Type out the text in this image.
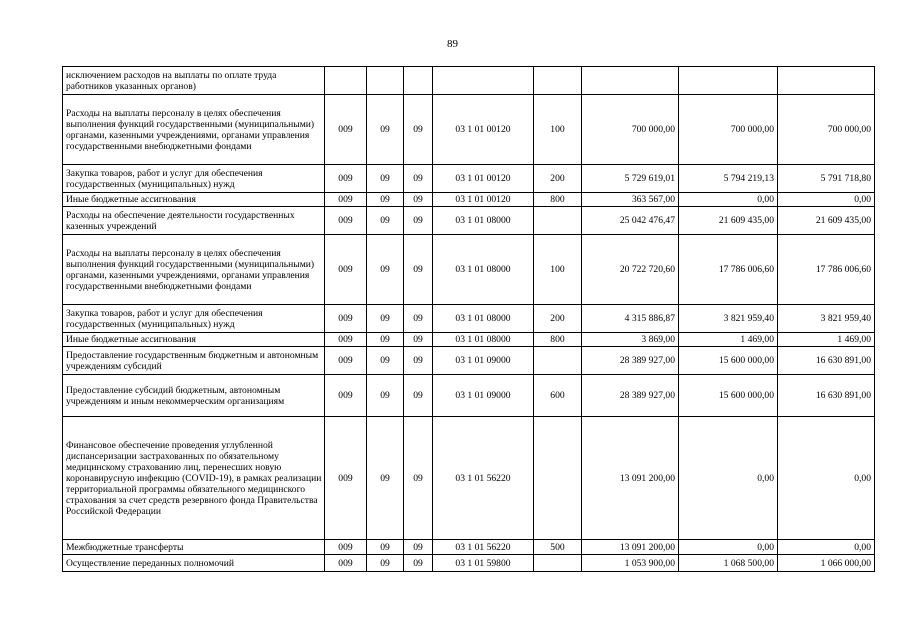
89
исключением расходов на выплаты по оплате труда работников указанных органов)								
Расходы на выплаты персоналу в целях обеспечения выполнения функций государственными (муниципальными) органами, казенными учреждениями, органами управления государственными внебюджетными фондами	009	09	09	03 1 01 00120	100	700 000,00	700 000,00	700 000,00
Закупка товаров, работ и услуг для обеспечения государственных (муниципальных) нужд	009	09	09	03 1 01 00120	200	5 729 619,01	5 794 219,13	5 791 718,80
Иные бюджетные ассигнования	009	09	09	03 1 01 00120	800	363 567,00	0,00	0,00
Расходы на обеспечение деятельности государственных казенных учреждений	009	09	09	03 1 01 08000		25 042 476,47	21 609 435,00	21 609 435,00
Расходы на выплаты персоналу в целях обеспечения выполнения функций государственными (муниципальными) органами, казенными учреждениями, органами управления государственными внебюджетными фондами	009	09	09	03 1 01 08000	100	20 722 720,60	17 786 006,60	17 786 006,60
Закупка товаров, работ и услуг для обеспечения государственных (муниципальных) нужд	009	09	09	03 1 01 08000	200	4 315 886,87	3 821 959,40	3 821 959,40
Иные бюджетные ассигнования	009	09	09	03 1 01 08000	800	3 869,00	1 469,00	1 469,00
Предоставление государственным бюджетным и автономным учреждениям субсидий	009	09	09	03 1 01 09000		28 389 927,00	15 600 000,00	16 630 891,00
Предоставление субсидий бюджетным, автономным учреждениям и иным некоммерческим организациям	009	09	09	03 1 01 09000	600	28 389 927,00	15 600 000,00	16 630 891,00
Финансовое обеспечение проведения углубленной диспансеризации застрахованных по обязательному медицинскому страхованию лиц, перенесших новую коронавирусную инфекцию (COVID-19), в рамках реализации территориальной программы обязательного медицинского страхования за счет средств резервного фонда Правительства Российской Федерации	009	09	09	03 1 01 56220		13 091 200,00	0,00	0,00
Межбюджетные трансферты	009	09	09	03 1 01 56220	500	13 091 200,00	0,00	0,00
Осуществление переданных полномочий	009	09	09	03 1 01 59800		1 053 900,00	1 068 500,00	1 066 000,00
